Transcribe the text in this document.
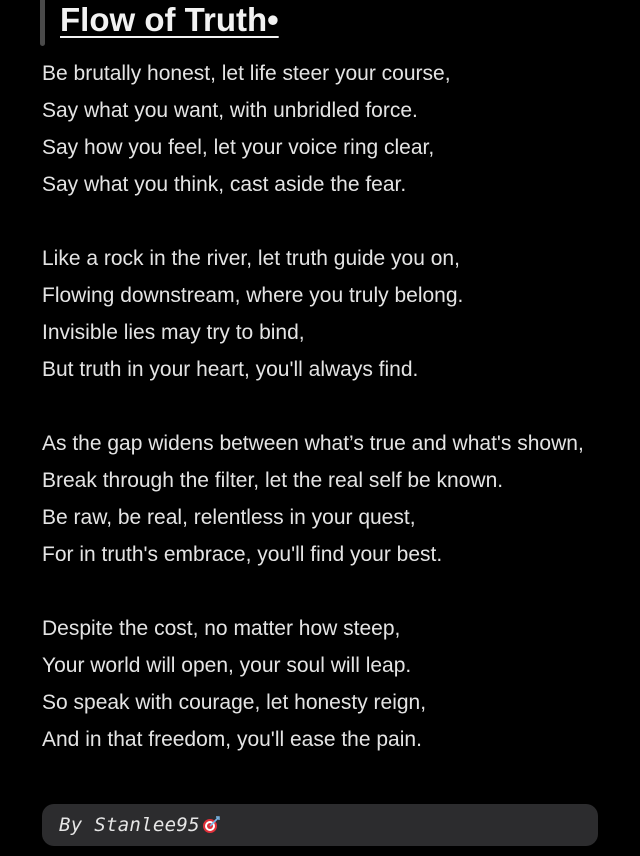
Flow of Truth•
Be brutally honest, let life steer your course,
Say what you want, with unbridled force.
Say how you feel, let your voice ring clear,
Say what you think, cast aside the fear.
Like a rock in the river, let truth guide you on,
Flowing downstream, where you truly belong.
Invisible lies may try to bind,
But truth in your heart, you'll always find.
As the gap widens between what’s true and what's shown,
Break through the filter, let the real self be known.
Be raw, be real, relentless in your quest,
For in truth's embrace, you'll find your best.
Despite the cost, no matter how steep,
Your world will open, your soul will leap.
So speak with courage, let honesty reign,
And in that freedom, you'll ease the pain.
By Stanlee95
